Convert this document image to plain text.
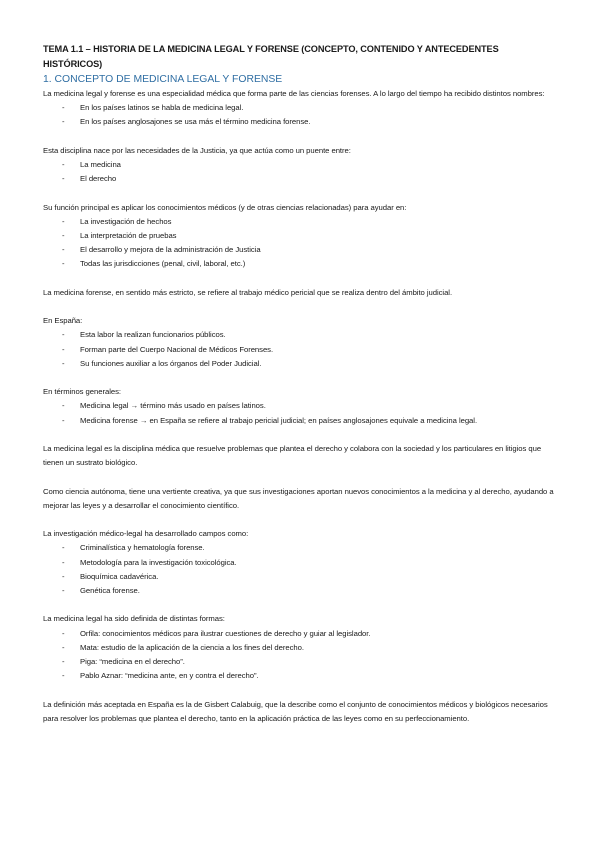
TEMA 1.1 – HISTORIA DE LA MEDICINA LEGAL Y FORENSE (CONCEPTO, CONTENIDO Y ANTECEDENTES HISTÓRICOS)
1. CONCEPTO DE MEDICINA LEGAL Y FORENSE

La medicina legal y forense es una especialidad médica que forma parte de las ciencias forenses. A lo largo del tiempo ha recibido distintos nombres:

- En los países latinos se habla de medicina legal.
- En los países anglosajones se usa más el término medicina forense.

Esta disciplina nace por las necesidades de la Justicia, ya que actúa como un puente entre:

- La medicina
- El derecho

Su función principal es aplicar los conocimientos médicos (y de otras ciencias relacionadas) para ayudar en:

- La investigación de hechos
- La interpretación de pruebas
- El desarrollo y mejora de la administración de Justicia
- Todas las jurisdicciones (penal, civil, laboral, etc.)

La medicina forense, en sentido más estricto, se refiere al trabajo médico pericial que se realiza dentro del ámbito judicial.

En España:

- Esta labor la realizan funcionarios públicos.
- Forman parte del Cuerpo Nacional de Médicos Forenses.
- Su funciones auxiliar a los órganos del Poder Judicial.

En términos generales:

- Medicina legal → término más usado en países latinos.
- Medicina forense → en España se refiere al trabajo pericial judicial; en países anglosajones equivale a medicina legal.

La medicina legal es la disciplina médica que resuelve problemas que plantea el derecho y colabora con la sociedad y los particulares en litigios que tienen un sustrato biológico.

Como ciencia autónoma, tiene una vertiente creativa, ya que sus investigaciones aportan nuevos conocimientos a la medicina y al derecho, ayudando a mejorar las leyes y a desarrollar el conocimiento científico.

La investigación médico-legal ha desarrollado campos como:

- Criminalística y hematología forense.
- Metodología para la investigación toxicológica.
- Bioquímica cadavérica.
- Genética forense.

La medicina legal ha sido definida de distintas formas:

- Orfila: conocimientos médicos para ilustrar cuestiones de derecho y guiar al legislador.
- Mata: estudio de la aplicación de la ciencia a los fines del derecho.
- Piga: “medicina en el derecho”.
- Pablo Aznar: “medicina ante, en y contra el derecho”.

La definición más aceptada en España es la de Gisbert Calabuig, que la describe como el conjunto de conocimientos médicos y biológicos necesarios para resolver los problemas que plantea el derecho, tanto en la aplicación práctica de las leyes como en su perfeccionamiento.
